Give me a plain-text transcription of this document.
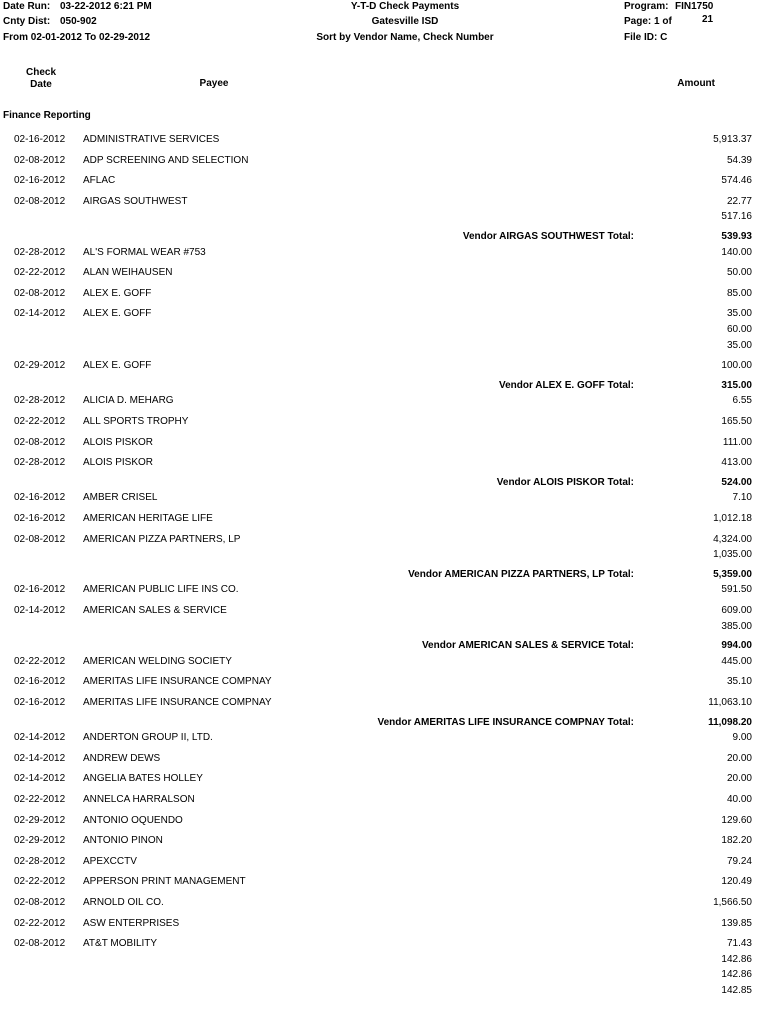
Date Run: 03-22-2012 6:21 PM
Cnty Dist: 050-902
From 02-01-2012 To 02-29-2012
Y-T-D Check Payments
Gatesville ISD
Sort by Vendor Name, Check Number
Program: FIN1750
Page: 1 of	21
File ID: C
Check
Date	Payee	Amount
Finance Reporting
02-16-2012 ADMINISTRATIVE SERVICES	5,913.37
02-08-2012 ADP SCREENING AND SELECTION	54.39
02-16-2012 AFLAC	574.46
02-08-2012 AIRGAS SOUTHWEST	22.77
517.16
Vendor AIRGAS SOUTHWEST Total:	539.93
02-28-2012 AL'S FORMAL WEAR #753	140.00
02-22-2012 ALAN WEIHAUSEN	50.00
02-08-2012 ALEX E. GOFF	85.00
02-14-2012 ALEX E. GOFF	35.00
60.00
35.00
02-29-2012 ALEX E. GOFF	100.00
Vendor ALEX E. GOFF Total:	315.00
02-28-2012 ALICIA D. MEHARG	6.55
02-22-2012 ALL SPORTS TROPHY	165.50
02-08-2012 ALOIS PISKOR	111.00
02-28-2012 ALOIS PISKOR	413.00
Vendor ALOIS PISKOR Total:	524.00
02-16-2012 AMBER CRISEL	7.10
02-16-2012 AMERICAN HERITAGE LIFE	1,012.18
02-08-2012 AMERICAN PIZZA PARTNERS, LP	4,324.00
1,035.00
Vendor AMERICAN PIZZA PARTNERS, LP Total:	5,359.00
02-16-2012 AMERICAN PUBLIC LIFE INS CO.	591.50
02-14-2012 AMERICAN SALES & SERVICE	609.00
385.00
Vendor AMERICAN SALES & SERVICE Total:	994.00
02-22-2012 AMERICAN WELDING SOCIETY	445.00
02-16-2012 AMERITAS LIFE INSURANCE COMPNAY	35.10
02-16-2012 AMERITAS LIFE INSURANCE COMPNAY	11,063.10
Vendor AMERITAS LIFE INSURANCE COMPNAY Total:	11,098.20
02-14-2012 ANDERTON GROUP II, LTD.	9.00
02-14-2012 ANDREW DEWS	20.00
02-14-2012 ANGELIA BATES HOLLEY	20.00
02-22-2012 ANNELCA HARRALSON	40.00
02-29-2012 ANTONIO OQUENDO	129.60
02-29-2012 ANTONIO PINON	182.20
02-28-2012 APEXCCTV	79.24
02-22-2012 APPERSON PRINT MANAGEMENT	120.49
02-08-2012 ARNOLD OIL CO.	1,566.50
02-22-2012 ASW ENTERPRISES	139.85
02-08-2012 AT&T MOBILITY	71.43
142.86
142.86
142.85
